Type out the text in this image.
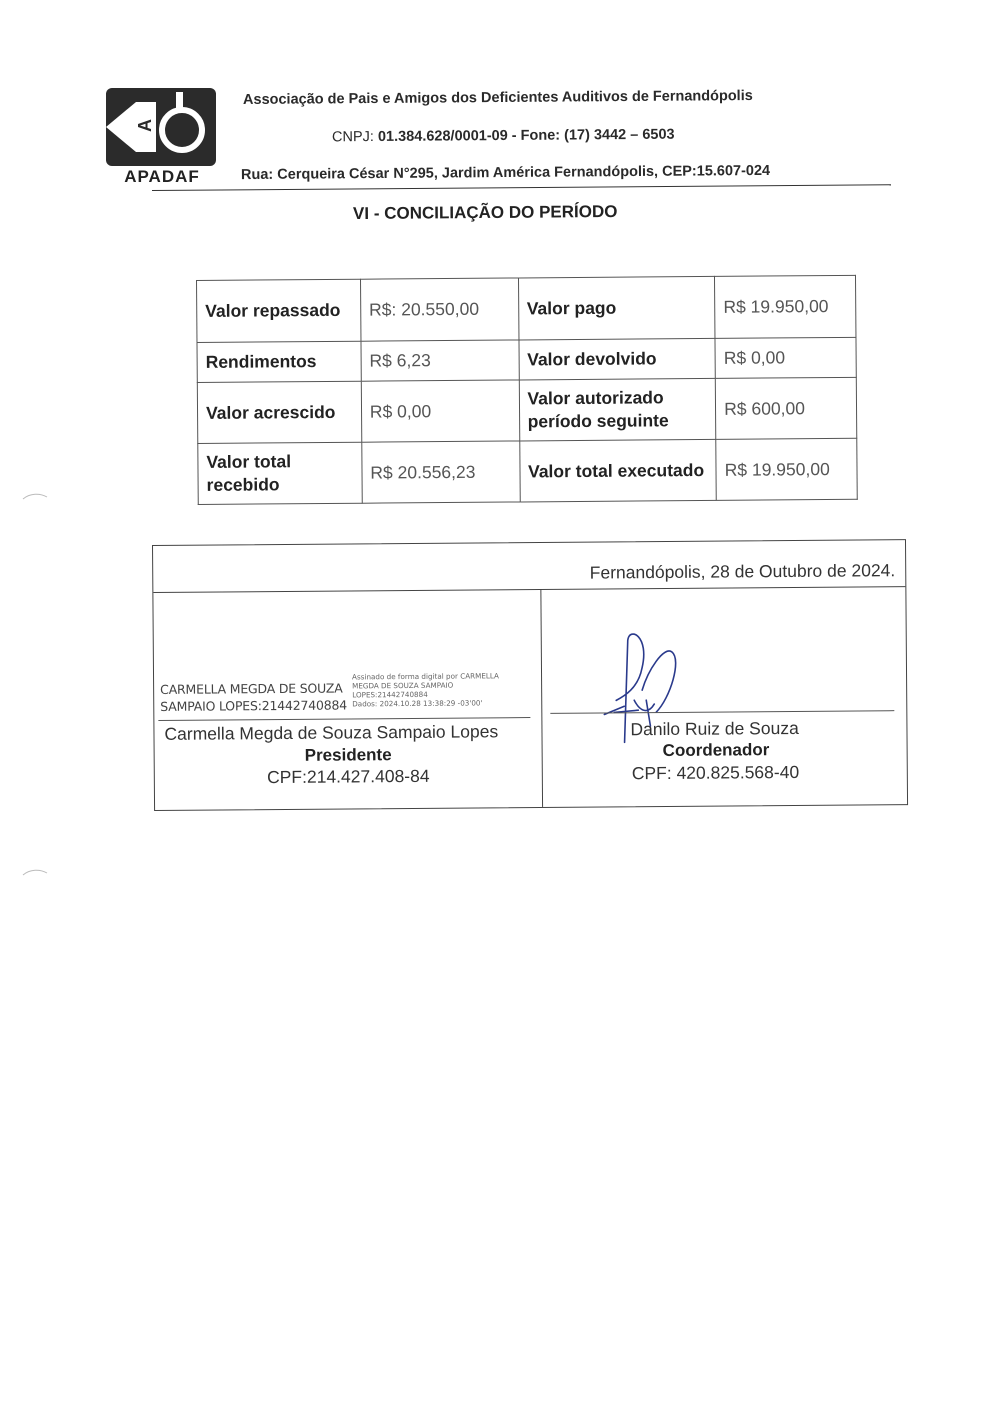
A
APADAF
Associação de Pais e Amigos dos Deficientes Auditivos de Fernandópolis
CNPJ: 01.384.628/0001-09 - Fone: (17) 3442 – 6503
Rua: Cerqueira César N°295, Jardim América Fernandópolis, CEP:15.607-024
VI - CONCILIAÇÃO DO PERÍODO
Valor repassado	R$: 20.550,00	Valor pago	R$ 19.950,00
Rendimentos	R$ 6,23	Valor devolvido	R$ 0,00
Valor acrescido	R$ 0,00	Valor autorizado período seguinte	R$ 600,00
Valor total recebido	R$ 20.556,23	Valor total executado	R$ 19.950,00
Fernandópolis, 28 de Outubro de 2024.
CARMELLA MEGDA DE SOUZA
SAMPAIO LOPES:21442740884
Assinado de forma digital por CARMELLA
MEGDA DE SOUZA SAMPAIO
LOPES:21442740884
Dados: 2024.10.28 13:38:29 -03'00'
Carmella Megda de Souza Sampaio Lopes
Presidente
CPF:214.427.408-84
Danilo Ruiz de Souza
Coordenador
CPF: 420.825.568-40
